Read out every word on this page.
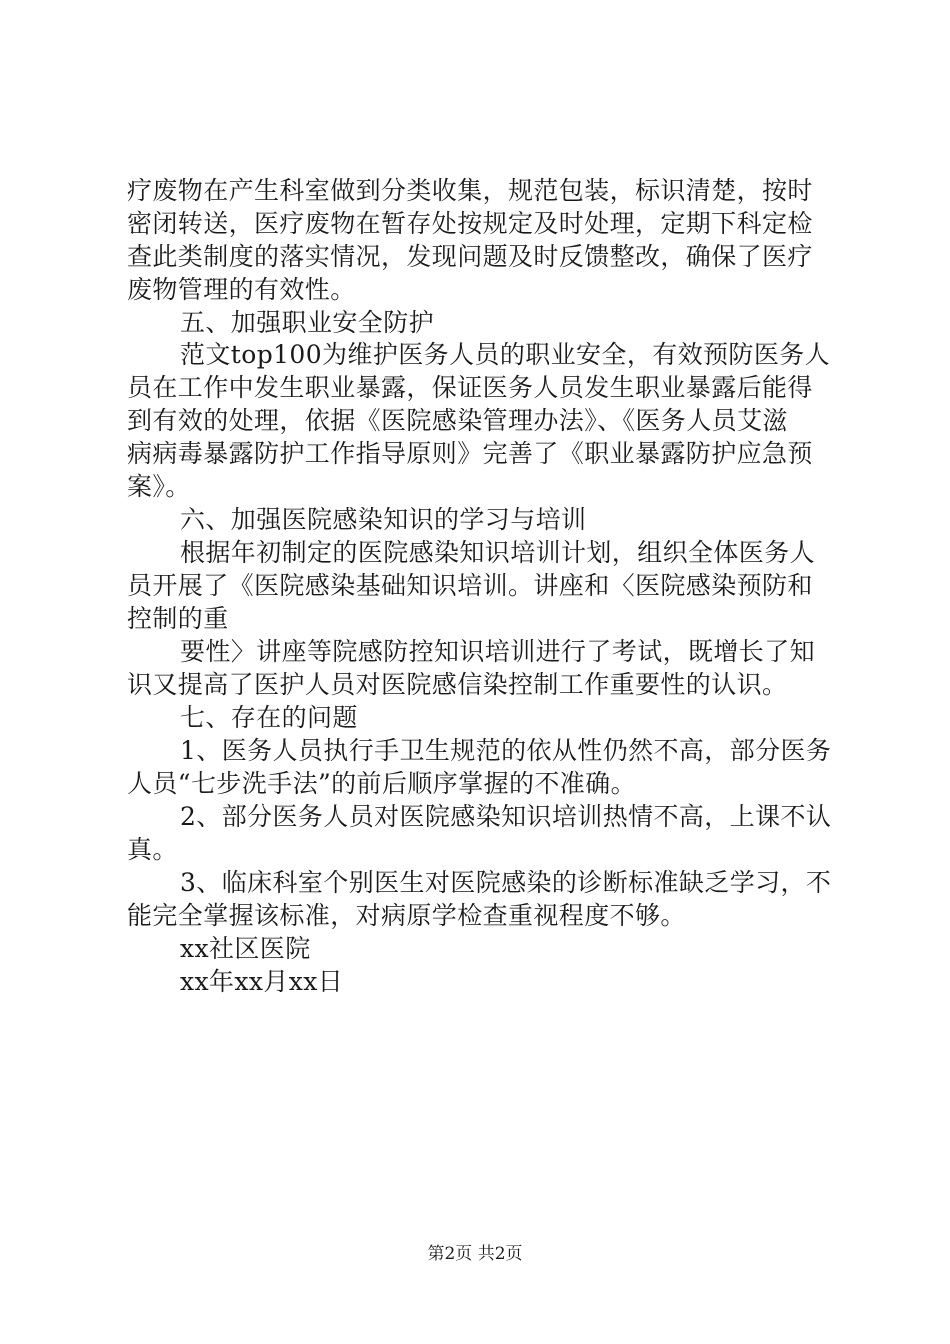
疗废物在产生科室做到分类收集，规范包装，标识清楚，按时
密闭转送，医疗废物在暂存处按规定及时处理，定期下科定检
查此类制度的落实情况，发现问题及时反馈整改，确保了医疗
废物管理的有效性。
五、加强职业安全防护
范文top100为维护医务人员的职业安全，有效预防医务人
员在工作中发生职业暴露，保证医务人员发生职业暴露后能得
到有效的处理，依据《医院感染管理办法》、《医务人员艾滋
病病毒暴露防护工作指导原则》完善了《职业暴露防护应急预
案》。
六、加强医院感染知识的学习与培训
根据年初制定的医院感染知识培训计划，组织全体医务人
员开展了《医院感染基础知识培训。讲座和〈医院感染预防和
控制的重
要性〉讲座等院感防控知识培训进行了考试，既增长了知
识又提高了医护人员对医院感信染控制工作重要性的认识。
七、存在的问题
1、医务人员执行手卫生规范的依从性仍然不高，部分医务
人员“七步洗手法”的前后顺序掌握的不准确。
2、部分医务人员对医院感染知识培训热情不高，上课不认
真。
3、临床科室个别医生对医院感染的诊断标准缺乏学习，不
能完全掌握该标准，对病原学检查重视程度不够。
xx社区医院
xx年xx月xx日
第2页 共2页
